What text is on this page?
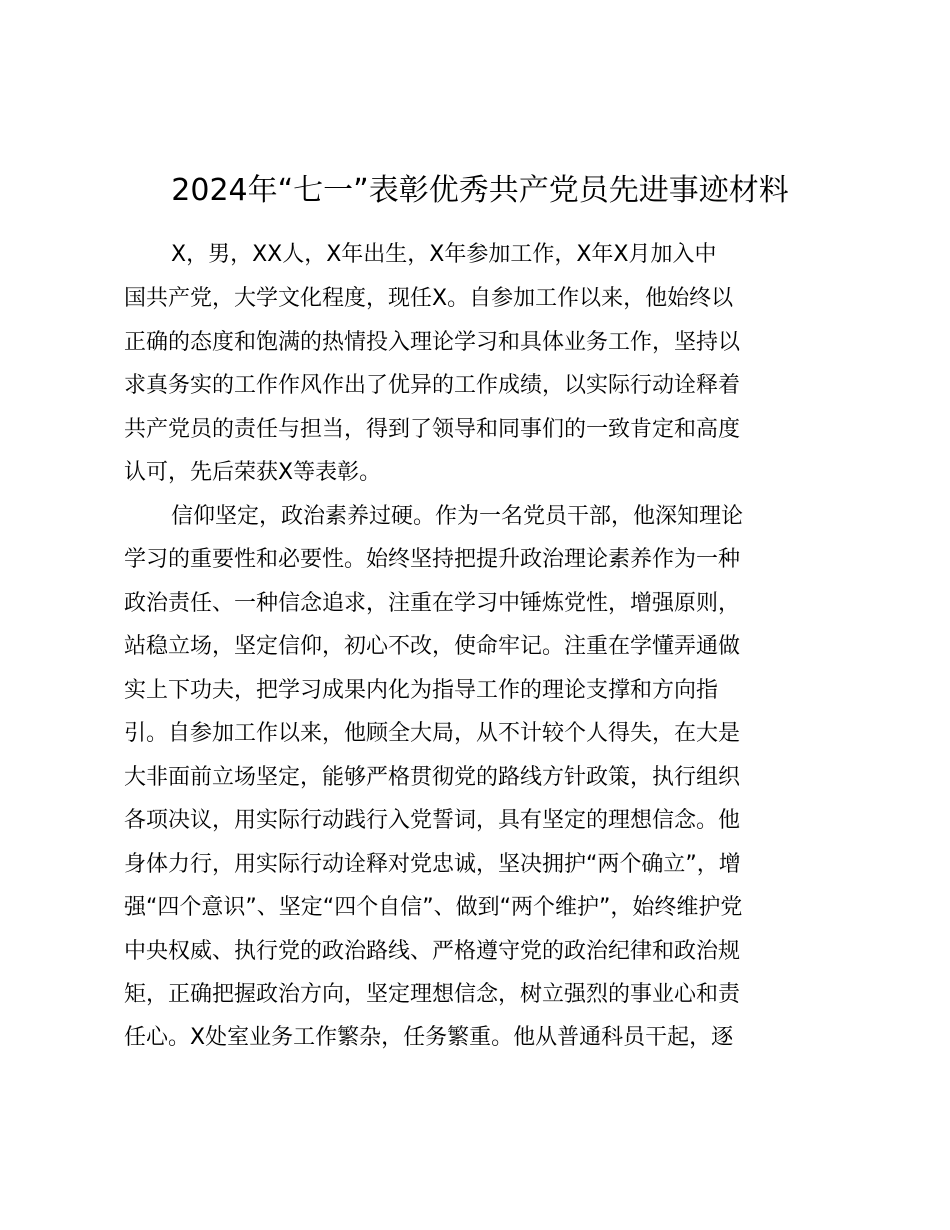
2024年“七一”表彰优秀共产党员先进事迹材料
X，男，XX人，X年出生，X年参加工作，X年X月加入中
国共产党，大学文化程度，现任X。自参加工作以来，他始终以
正确的态度和饱满的热情投入理论学习和具体业务工作，坚持以
求真务实的工作作风作出了优异的工作成绩，以实际行动诠释着
共产党员的责任与担当，得到了领导和同事们的一致肯定和高度
认可，先后荣获X等表彰。
信仰坚定，政治素养过硬。作为一名党员干部，他深知理论
学习的重要性和必要性。始终坚持把提升政治理论素养作为一种
政治责任、一种信念追求，注重在学习中锤炼党性，增强原则，
站稳立场，坚定信仰，初心不改，使命牢记。注重在学懂弄通做
实上下功夫，把学习成果内化为指导工作的理论支撑和方向指
引。自参加工作以来，他顾全大局，从不计较个人得失，在大是
大非面前立场坚定，能够严格贯彻党的路线方针政策，执行组织
各项决议，用实际行动践行入党誓词，具有坚定的理想信念。他
身体力行，用实际行动诠释对党忠诚，坚决拥护“两个确立”，增
强“四个意识”、坚定“四个自信”、做到“两个维护”，始终维护党
中央权威、执行党的政治路线、严格遵守党的政治纪律和政治规
矩，正确把握政治方向，坚定理想信念，树立强烈的事业心和责
任心。X处室业务工作繁杂，任务繁重。他从普通科员干起，逐
